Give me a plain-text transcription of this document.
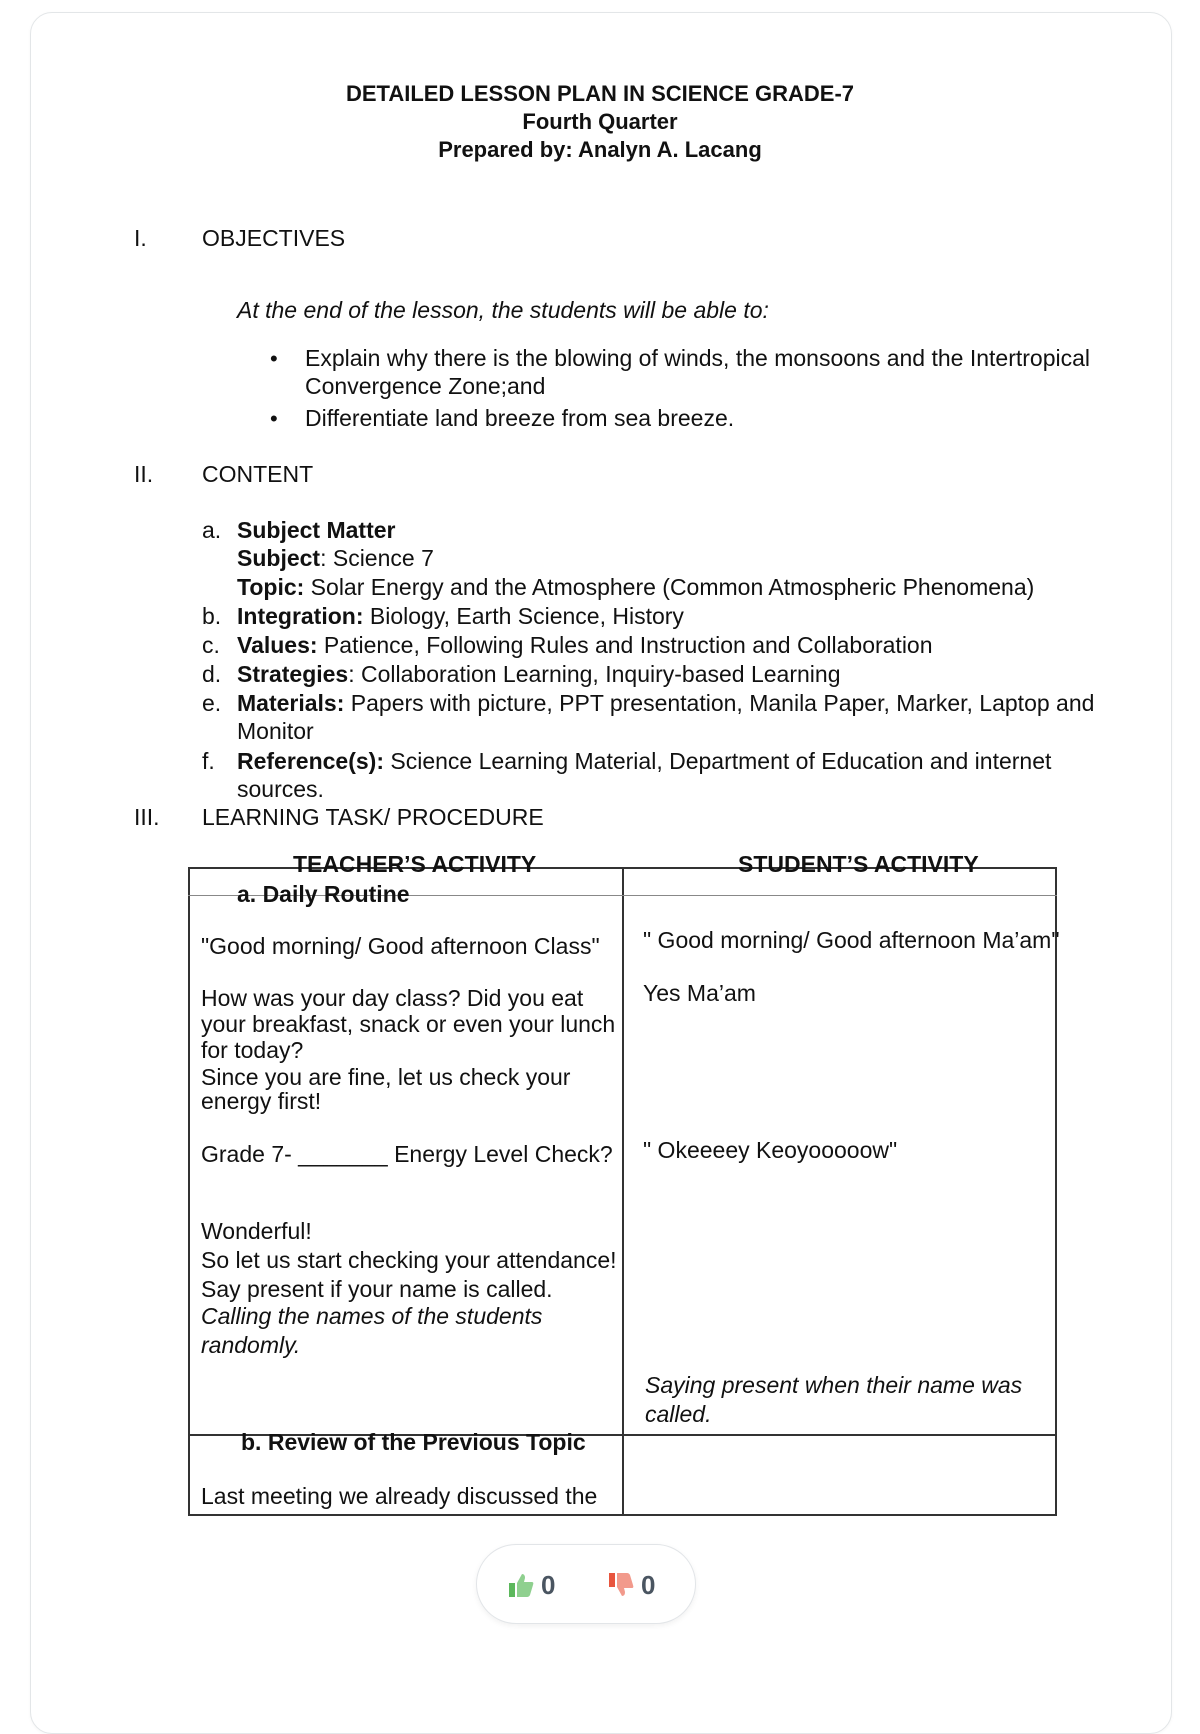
DETAILED LESSON PLAN IN SCIENCE GRADE-7
Fourth Quarter
Prepared by: Analyn A. Lacang
I. OBJECTIVES
At the end of the lesson, the students will be able to:
• Explain why there is the blowing of winds, the monsoons and the Intertropical
Convergence Zone;and
• Differentiate land breeze from sea breeze.
II. CONTENT
a. Subject Matter
Subject: Science 7
Topic: Solar Energy and the Atmosphere (Common Atmospheric Phenomena)
b. Integration: Biology, Earth Science, History
c. Values: Patience, Following Rules and Instruction and Collaboration
d. Strategies: Collaboration Learning, Inquiry-based Learning
e. Materials: Papers with picture, PPT presentation, Manila Paper, Marker, Laptop and
Monitor
f. Reference(s): Science Learning Material, Department of Education and internet
sources.
III. LEARNING TASK/ PROCEDURE
TEACHER’S ACTIVITY	STUDENT’S ACTIVITY
a. Daily Routine
"Good morning/ Good afternoon Class" " Good morning/ Good afternoon Ma’am"
How was your day class? Did you eat
your breakfast, snack or even your lunch
for today?
Since you are fine, let us check your
energy first!
Yes Ma’am
Grade 7- _______ Energy Level Check? " Okeeeey Keoyooooow"
Wonderful!
So let us start checking your attendance!
Say present if your name is called.
Calling the names of the students
randomly.
Saying present when their name was
called.
b. Review of the Previous Topic
Last meeting we already discussed the
0	0
